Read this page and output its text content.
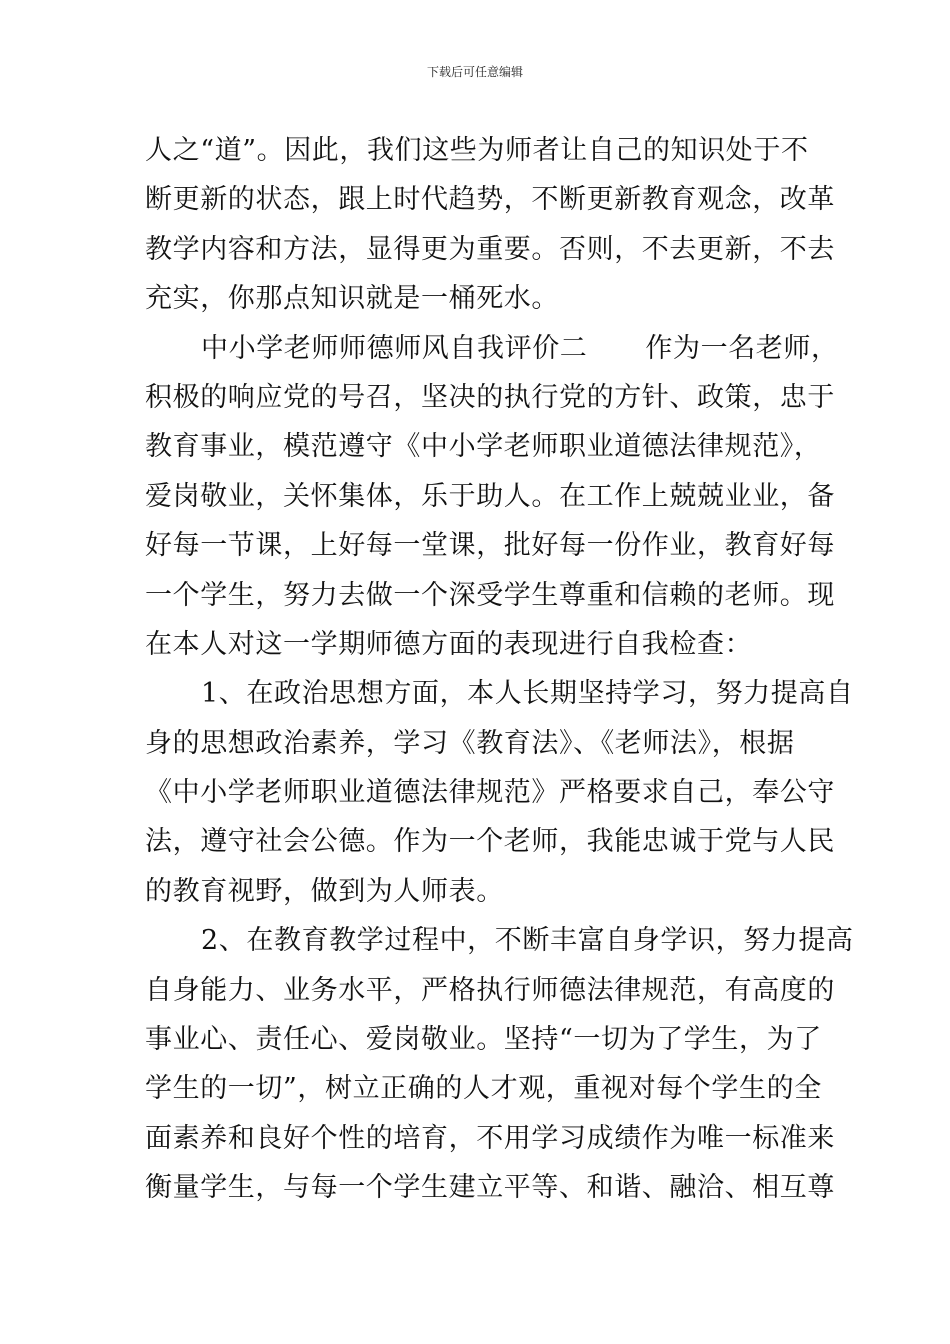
下载后可任意编辑
人之“道”。因此，我们这些为师者让自己的知识处于不
断更新的状态，跟上时代趋势，不断更新教育观念，改革
教学内容和方法，显得更为重要。否则，不去更新，不去
充实，你那点知识就是一桶死水。
中小学老师师德师风自我评价二 作为一名老师，
积极的响应党的号召，坚决的执行党的方针、政策，忠于
教育事业，模范遵守《中小学老师职业道德法律规范》，
爱岗敬业，关怀集体，乐于助人。在工作上兢兢业业，备
好每一节课，上好每一堂课，批好每一份作业，教育好每
一个学生，努力去做一个深受学生尊重和信赖的老师。现
在本人对这一学期师德方面的表现进行自我检查：
1、在政治思想方面，本人长期坚持学习，努力提高自
身的思想政治素养，学习《教育法》、《老师法》，根据
《中小学老师职业道德法律规范》严格要求自己，奉公守
法，遵守社会公德。作为一个老师，我能忠诚于党与人民
的教育视野，做到为人师表。
2、在教育教学过程中，不断丰富自身学识，努力提高
自身能力、业务水平，严格执行师德法律规范，有高度的
事业心、责任心、爱岗敬业。坚持“一切为了学生，为了
学生的一切”，树立正确的人才观，重视对每个学生的全
面素养和良好个性的培育，不用学习成绩作为唯一标准来
衡量学生，与每一个学生建立平等、和谐、融洽、相互尊
